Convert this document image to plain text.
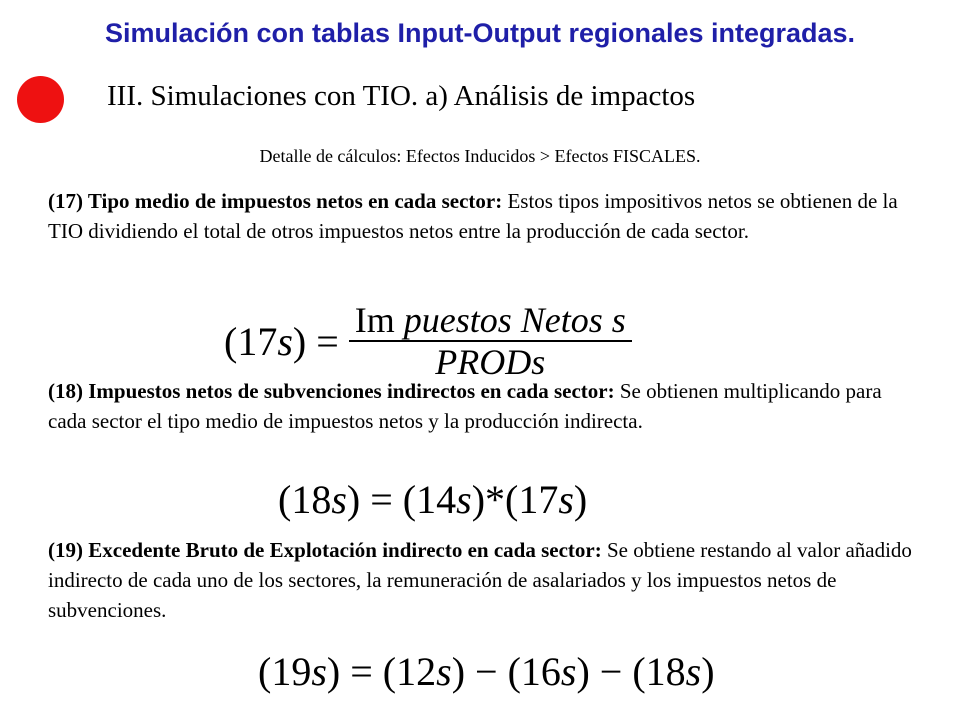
Simulación con tablas Input-Output regionales integradas.
III. Simulaciones con TIO. a) Análisis de impactos
Detalle de cálculos: Efectos Inducidos > Efectos FISCALES.
(17) Tipo medio de impuestos netos en cada sector: Estos tipos impositivos netos se obtienen de la TIO dividiendo el total de otros impuestos netos entre la producción de cada sector.
(17 s ) = $\frac{\text{Im puestos Netos s}}{\text{PRODs}}$
(18) Impuestos netos de subvenciones indirectos en cada sector: Se obtienen multiplicando para cada sector el tipo medio de impuestos netos y la producción indirecta.
(18s) = (14s)*(17s)
(19) Excedente Bruto de Explotación indirecto en cada sector: Se obtiene restando al valor añadido indirecto de cada uno de los sectores, la remuneración de asalariados y los impuestos netos de subvenciones.
(19s) = (12s) − (16s) − (18s)
